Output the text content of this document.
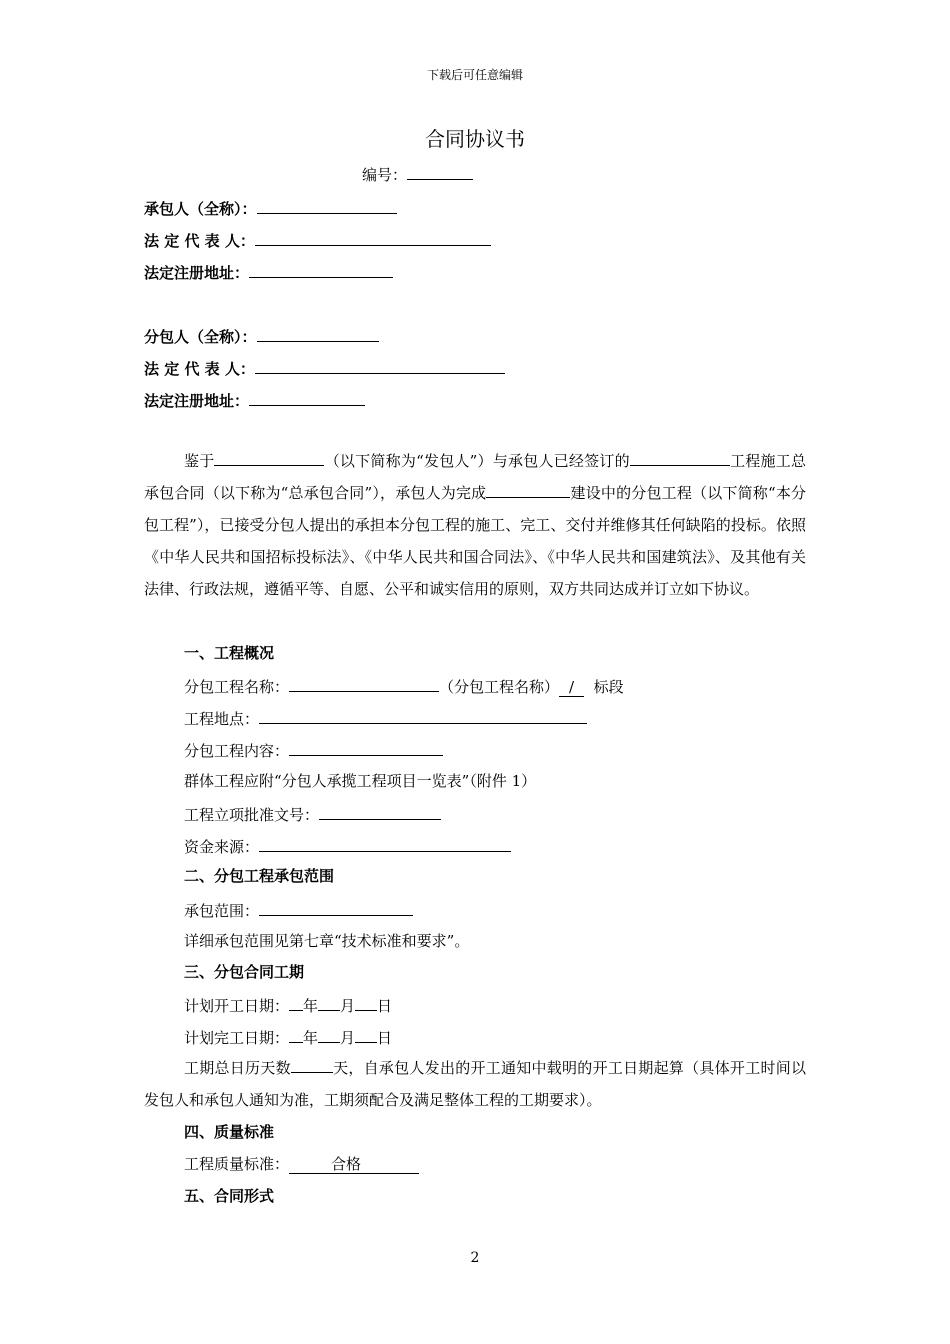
下载后可任意编辑
合同协议书
编号：
承包人（全称）：
法 定 代 表 人：
法定注册地址：
分包人（全称）：
法 定 代 表 人：
法定注册地址：

鉴于	（以下简称为“发包人”）与承包人已经签订的	工程施工总承包合同（以下称为“总承包合同”），承包人为完成	建设中的分包工程（以下简称“本分包工程”），已接受分包人提出的承担本分包工程的施工、完工、交付并维修其任何缺陷的投标。依照《中华人民共和国招标投标法》、《中华人民共和国合同法》、《中华人民共和国建筑法》、及其他有关法律、行政法规，遵循平等、自愿、公平和诚实信用的原则，双方共同达成并订立如下协议。

一、工程概况
分包工程名称：	（分包工程名称） / 标段
工程地点：
分包工程内容：
群体工程应附“分包人承揽工程项目一览表”（附件 1）
工程立项批准文号：
资金来源：
二、分包工程承包范围
承包范围：
详细承包范围见第七章“技术标准和要求”。
三、分包合同工期
计划开工日期： 年 月 日
计划完工日期： 年 月 日

工期总日历天数	天，自承包人发出的开工通知中载明的开工日期起算（具体开工时间以发包人和承包人通知为准，工期须配合及满足整体工程的工期要求）。

四、质量标准
工程质量标准：	合格
五、合同形式
2
